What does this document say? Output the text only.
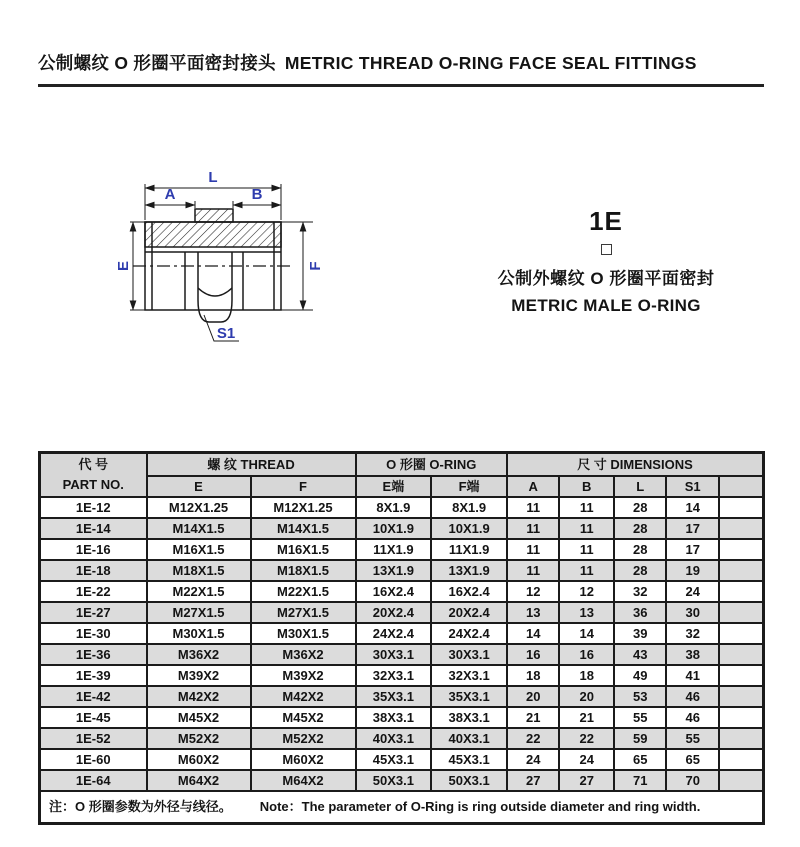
公制螺纹 O 形圈平面密封接头 METRIC THREAD O-RING FACE SEAL FITTINGS
L
A	B
E	F
S1
1E
公制外螺纹 O 形圈平面密封
METRIC MALE O-RING
代 号
PART NO.	螺 纹 THREAD		O 形圈 O-RING		尺 寸 DIMENSIONS				
	E	F	E端	F端	A	B	L	S1	
1E-12	M12X1.25	M12X1.25	8X1.9	8X1.9	11	11	28	14	
1E-14	M14X1.5	M14X1.5	10X1.9	10X1.9	11	11	28	17	
1E-16	M16X1.5	M16X1.5	11X1.9	11X1.9	11	11	28	17	
1E-18	M18X1.5	M18X1.5	13X1.9	13X1.9	11	11	28	19	
1E-22	M22X1.5	M22X1.5	16X2.4	16X2.4	12	12	32	24	
1E-27	M27X1.5	M27X1.5	20X2.4	20X2.4	13	13	36	30	
1E-30	M30X1.5	M30X1.5	24X2.4	24X2.4	14	14	39	32	
1E-36	M36X2	M36X2	30X3.1	30X3.1	16	16	43	38	
1E-39	M39X2	M39X2	32X3.1	32X3.1	18	18	49	41	
1E-42	M42X2	M42X2	35X3.1	35X3.1	20	20	53	46	
1E-45	M45X2	M45X2	38X3.1	38X3.1	21	21	55	46	
1E-52	M52X2	M52X2	40X3.1	40X3.1	22	22	59	55	
1E-60	M60X2	M60X2	45X3.1	45X3.1	24	24	65	65	
1E-64	M64X2	M64X2	50X3.1	50X3.1	27	27	71	70	
注：O 形圈参数为外径与线径。 Note：The parameter of O-Ring is ring outside diameter and ring width.									
